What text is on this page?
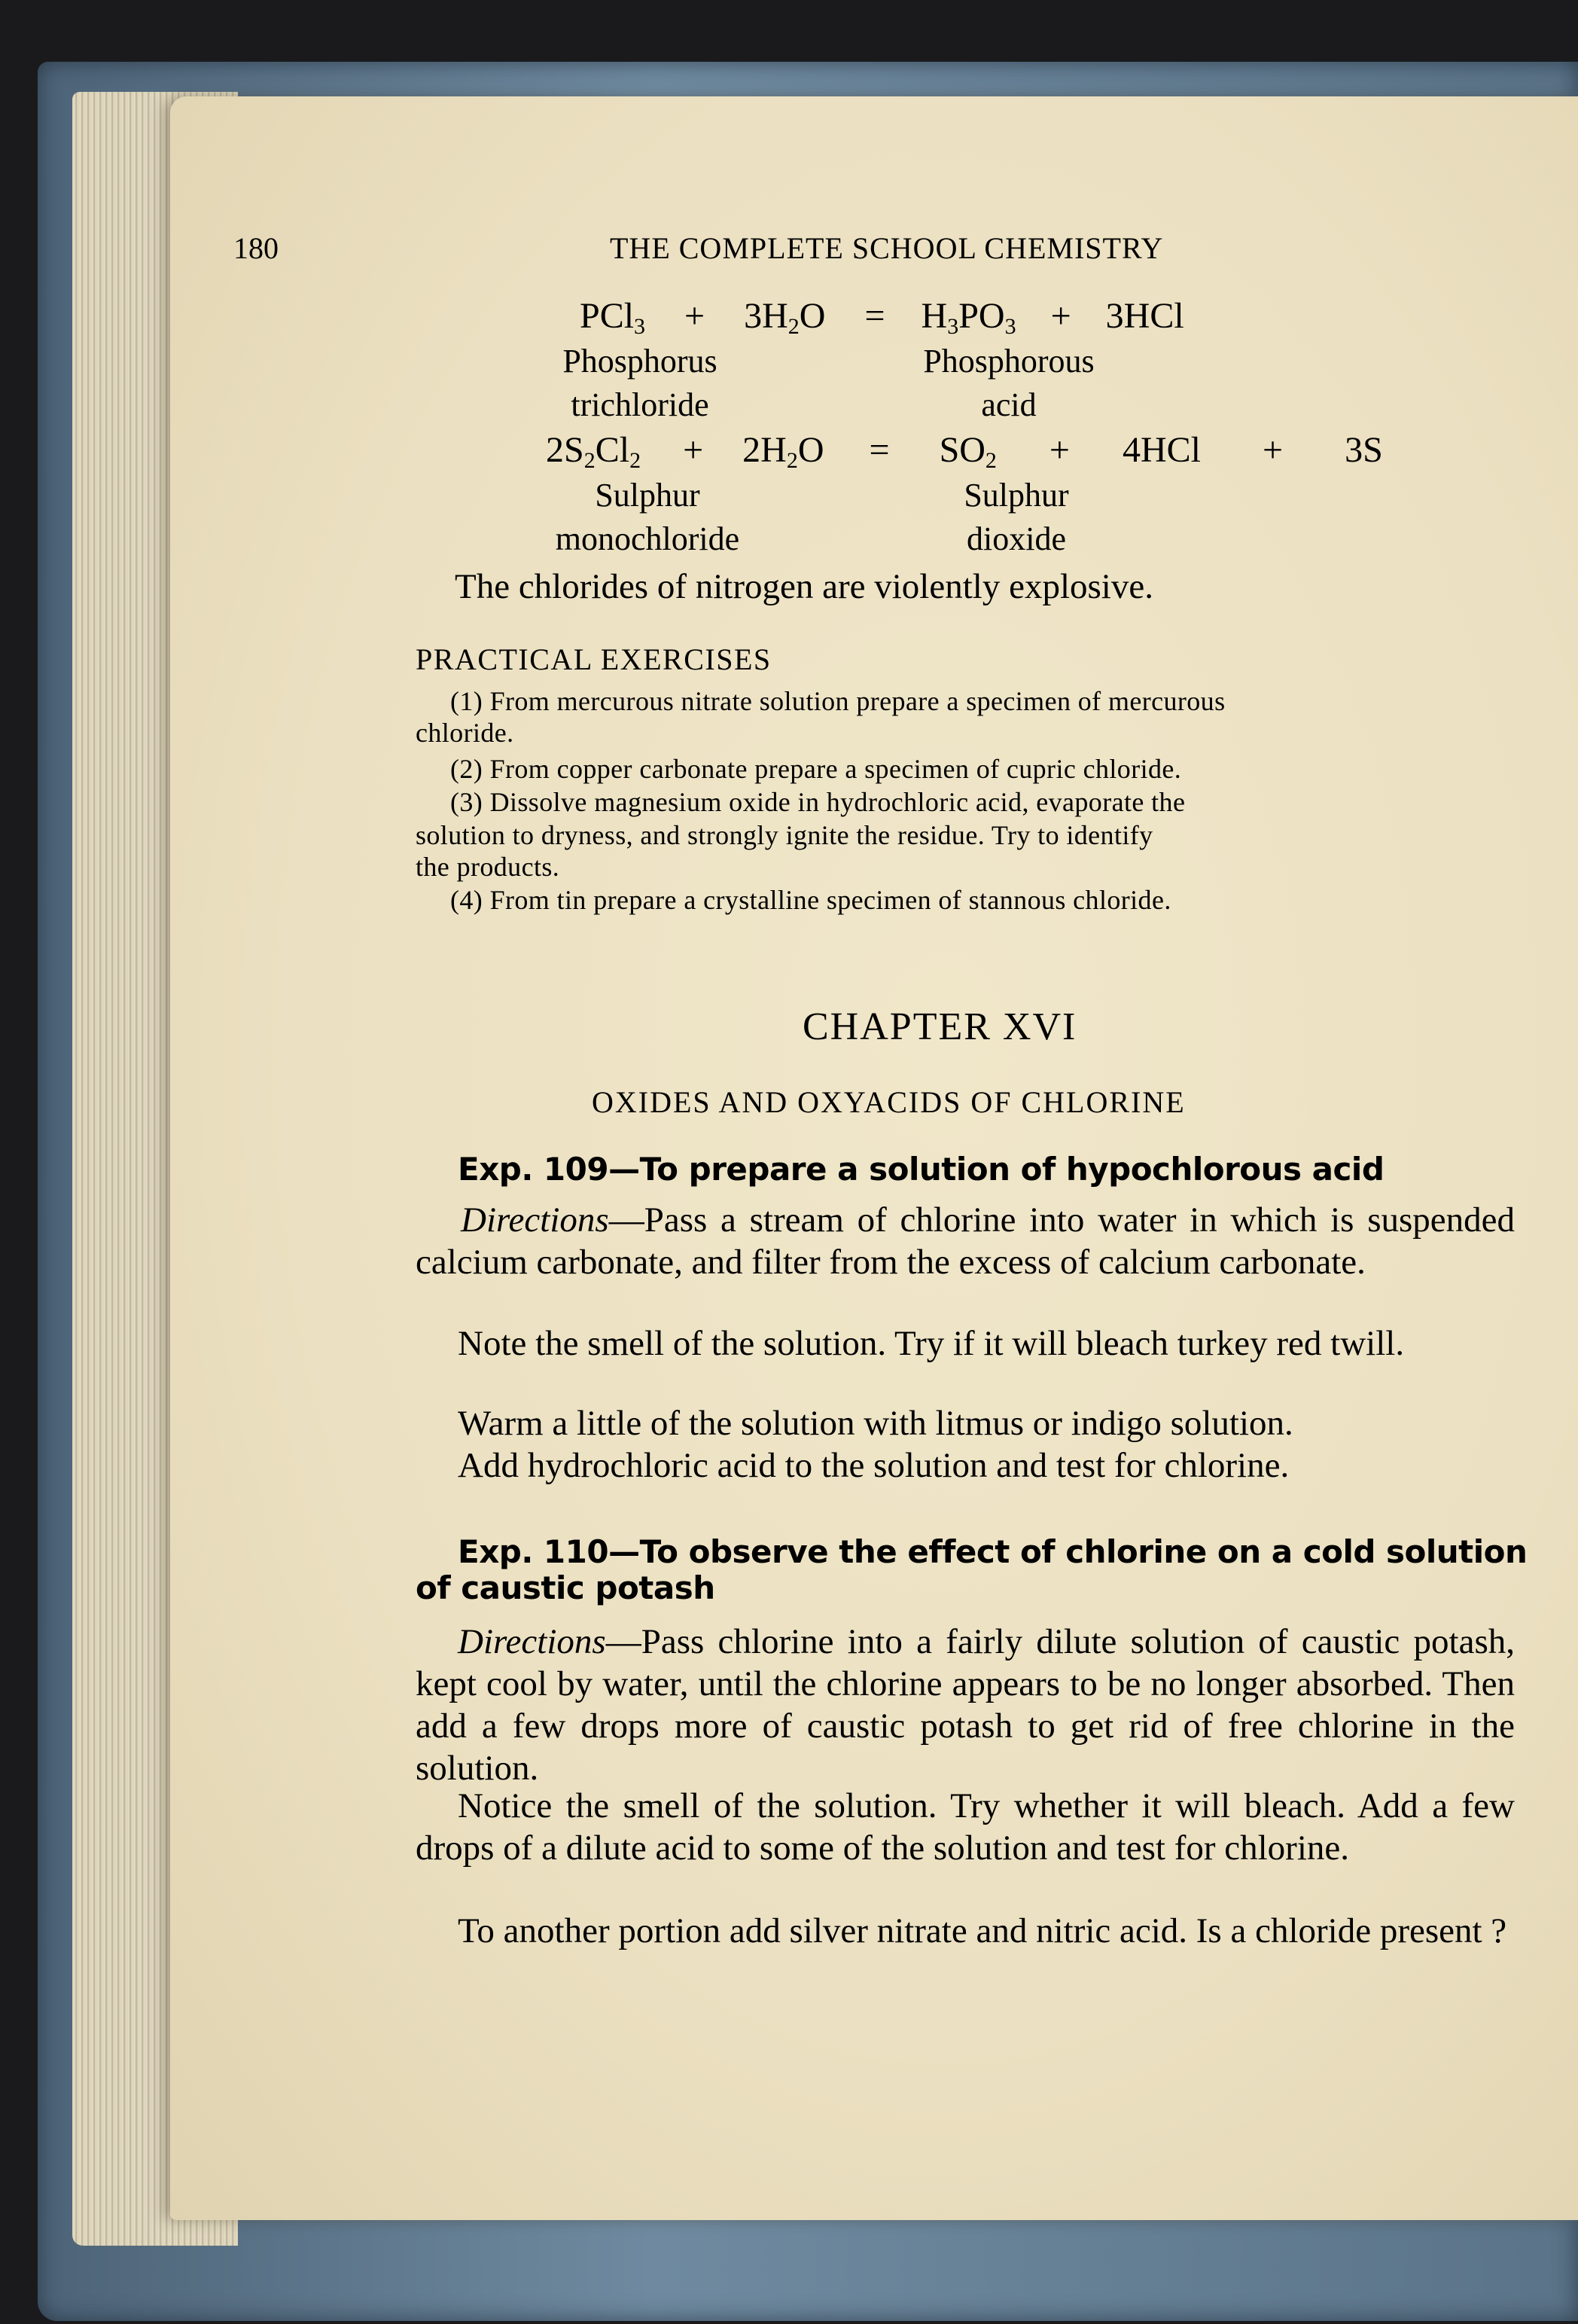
180	THE COMPLETE SCHOOL CHEMISTRY
$PCl_3 + 3H_2O = H_3PO_3 + 3HCl$
Phosphorus
trichloride
Phosphorous
acid
$2S_2Cl_2 + 2H_2O = SO_2 + 4HCl + 3S$
Sulphur
monochloride
Sulphur
dioxide
The chlorides of nitrogen are violently explosive.
PRACTICAL EXERCISES
(1) From mercurous nitrate solution prepare a specimen of mercurous
chloride.
(2) From copper carbonate prepare a specimen of cupric chloride.
(3) Dissolve magnesium oxide in hydrochloric acid, evaporate the
solution to dryness, and strongly ignite the residue. Try to identify
the products.
(4) From tin prepare a crystalline specimen of stannous chloride.
CHAPTER XVI
OXIDES AND OXYACIDS OF CHLORINE
Exp. 109—To prepare a solution of hypochlorous acid
Directions—Pass a stream of chlorine into water in which is suspended calcium carbonate, and filter from the excess of calcium carbonate.
Note the smell of the solution. Try if it will bleach turkey red twill.
Warm a little of the solution with litmus or indigo solution.
Add hydrochloric acid to the solution and test for chlorine.
Exp. 110—To observe the effect of chlorine on a cold solution
of caustic potash
Directions—Pass chlorine into a fairly dilute solution of caustic potash, kept cool by water, until the chlorine appears to be no longer absorbed. Then add a few drops more of caustic potash to get rid of free chlorine in the solution.
Notice the smell of the solution. Try whether it will bleach. Add a few drops of a dilute acid to some of the solution and test for chlorine.
To another portion add silver nitrate and nitric acid. Is a chloride present ?
